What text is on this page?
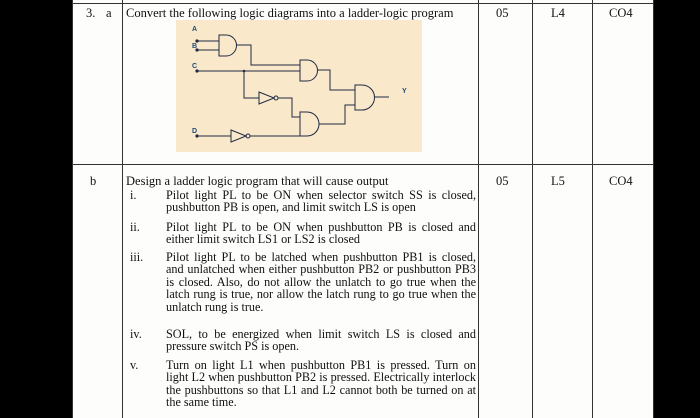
3. a Convert the following logic diagrams into a ladder-logic program	05	L4	CO4
A
B
C
D
Y
b Design a ladder logic program that will cause output	05	L5	CO4
i. Pilot light PL to be ON when selector switch SS is closed, pushbutton PB is open, and limit switch LS is open
ii. Pilot light PL to be ON when pushbutton PB is closed and either limit switch LS1 or LS2 is closed
iii. Pilot light PL to be latched when pushbutton PB1 is closed, and unlatched when either pushbutton PB2 or pushbutton PB3 is closed. Also, do not allow the unlatch to go true when the latch rung is true, nor allow the latch rung to go true when the unlatch rung is true.
iv. SOL, to be energized when limit switch LS is closed and pressure switch PS is open.
v. Turn on light L1 when pushbutton PB1 is pressed. Turn on light L2 when pushbutton PB2 is pressed. Electrically interlock the pushbuttons so that L1 and L2 cannot both be turned on at the same time.
